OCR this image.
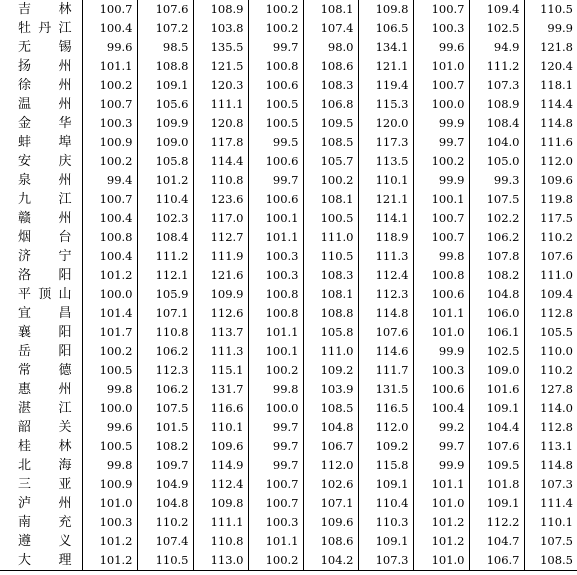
吉　林	100.7	107.6	108.9	100.2	108.1	109.8	100.7	109.4	110.5
牡丹江	100.4	107.2	103.8	100.2	107.4	106.5	100.3	102.5	99.9
无　锡	99.6	98.5	135.5	99.7	98.0	134.1	99.6	94.9	121.8
扬　州	101.1	108.8	121.5	100.8	108.6	121.1	101.0	111.2	120.4
徐　州	100.2	109.1	120.3	100.6	108.3	119.4	100.7	107.3	118.1
温　州	100.7	105.6	111.1	100.5	106.8	115.3	100.0	108.9	114.4
金　华	100.3	109.9	120.8	100.5	109.5	120.0	99.9	108.4	114.8
蚌　埠	100.9	109.0	117.8	99.5	108.5	117.3	99.7	104.0	111.6
安　庆	100.2	105.8	114.4	100.6	105.7	113.5	100.2	105.0	112.0
泉　州	99.4	101.2	110.8	99.7	100.2	110.1	99.9	99.3	109.6
九　江	100.7	110.4	123.6	100.6	108.1	121.1	100.1	107.5	119.8
赣　州	100.4	102.3	117.0	100.1	100.5	114.1	100.7	102.2	117.5
烟　台	100.8	108.4	112.7	101.1	111.0	118.9	100.7	106.2	110.2
济　宁	100.4	111.2	111.9	100.3	110.5	111.3	99.8	107.8	107.6
洛　阳	101.2	112.1	121.6	100.3	108.3	112.4	100.8	108.2	111.0
平顶山	100.0	105.9	109.9	100.8	108.1	112.3	100.6	104.8	109.4
宜　昌	101.4	107.1	112.6	100.8	108.8	114.8	101.1	106.0	112.8
襄　阳	101.7	110.8	113.7	101.1	105.8	107.6	101.0	106.1	105.5
岳　阳	100.2	106.2	111.3	100.1	111.0	114.6	99.9	102.5	110.0
常　德	100.5	112.3	115.1	100.2	109.2	111.7	100.3	109.0	110.2
惠　州	99.8	106.2	131.7	99.8	103.9	131.5	100.6	101.6	127.8
湛　江	100.0	107.5	116.6	100.0	108.5	116.5	100.4	109.1	114.0
韶　关	99.6	101.5	110.1	99.7	104.8	112.0	99.2	104.4	112.8
桂　林	100.5	108.2	109.6	99.7	106.7	109.2	99.7	107.6	113.1
北　海	99.8	109.7	114.9	99.7	112.0	115.8	99.9	109.5	114.8
三　亚	100.9	104.9	112.4	100.7	102.6	109.1	101.1	101.8	107.3
泸　州	101.0	104.8	109.8	100.7	107.1	110.4	101.0	109.1	111.4
南　充	100.3	110.2	111.1	100.3	109.6	110.3	101.2	112.2	110.1
遵　义	101.2	107.4	110.8	101.1	108.6	109.1	101.2	104.7	107.5
大　理	101.2	110.5	113.0	100.2	104.2	107.3	101.0	106.7	108.5
